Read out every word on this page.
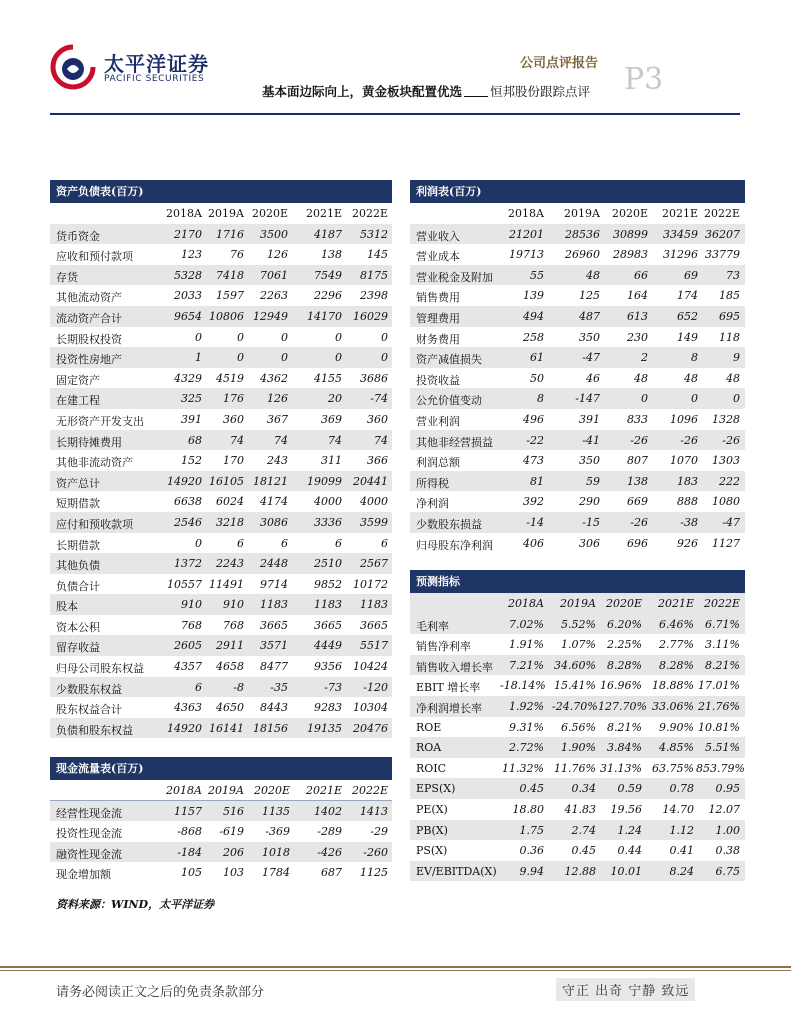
太平洋证券
PACIFIC SECURITIES
公司点评报告 P3
基本面边际向上，黄金板块配置优选 恒邦股份跟踪点评
资产负债表(百万)
2018A 2019A 2020E	2021E 2022E
货币资金	2170	1716	3500	4187	5312
应收和预付款项	123	76	126	138	145
存货	5328	7418	7061	7549	8175
其他流动资产	2033	1597	2263	2296	2398
流动资产合计	9654 10806 12949	14170	16029
长期股权投资	0	0	0	0	0
投资性房地产	1	0	0	0	0
固定资产	4329	4519	4362	4155	3686
在建工程	325	176	126	20	-74
无形资产开发支出	391	360	367	369	360
长期待摊费用	68	74	74	74	74
其他非流动资产	152	170	243	311	366
资产总计	14920 16105 18121	19099	20441
短期借款	6638	6024	4174	4000	4000
应付和预收款项	2546	3218	3086	3336	3599
长期借款	0	6	6	6	6
其他负债	1372	2243	2448	2510	2567
负债合计	10557 11491	9714	9852	10172
股本	910	910	1183	1183	1183
资本公积	768	768	3665	3665	3665
留存收益	2605	2911	3571	4449	5517
归母公司股东权益	4357	4658	8477	9356	10424
少数股东权益	6	-8	-35	-73	-120
股东权益合计	4363	4650	8443	9283	10304
负债和股东权益	14920 16141 18156	19135	20476
现金流量表(百万)
2018A 2019A 2020E	2021E 2022E
经营性现金流	1157	516	1135	1402	1413
投资性现金流	-868	-619	-369	-289	-29
融资性现金流	-184	206	1018	-426	-260
现金增加额	105	103	1784	687	1125
利润表(百万)
2018A	2019A	2020E	2021E 2022E
营业收入	21201	28536	30899	33459 36207
营业成本	19713	26960	28983	31296 33779
营业税金及附加	55	48	66	69	73
销售费用	139	125	164	174	185
管理费用	494	487	613	652	695
财务费用	258	350	230	149	118
资产减值损失	61	-47	2	8	9
投资收益	50	46	48	48	48
公允价值变动	8	-147	0	0	0
营业利润	496	391	833	1096	1328
其他非经营损益	-22	-41	-26	-26	-26
利润总额	473	350	807	1070	1303
所得税	81	59	138	183	222
净利润	392	290	669	888	1080
少数股东损益	-14	-15	-26	-38	-47
归母股东净利润	406	306	696	926	1127
预测指标
2018A	2019A 2020E	2021E 2022E
毛利率	7.02%	5.52%	6.20%	6.46%	6.71%
销售净利率	1.91%	1.07%	2.25%	2.77%	3.11%
销售收入增长率	7.21% 34.60%	8.28%	8.28%	8.21%
EBIT 增长率 -18.14% 15.41% 16.96% 18.88% 17.01%
净利润增长率	1.92% -24.70% 127.70% 33.06% 21.76%
ROE	9.31%	6.56%	8.21%	9.90% 10.81%
ROA	2.72%	1.90%	3.84%	4.85%	5.51%
ROIC	11.32% 11.76% 31.13% 63.75% 853.79%
EPS(X)	0.45	0.34	0.59	0.78	0.95
PE(X)	18.80	41.83	19.56	14.70	12.07
PB(X)	1.75	2.74	1.24	1.12	1.00
PS(X)	0.36	0.45	0.44	0.41	0.38
EV/EBITDA(X)	9.94	12.88	10.01	8.24	6.75
资料来源：WIND，太平洋证券
请务必阅读正文之后的免责条款部分	守正 出奇 宁静 致远
